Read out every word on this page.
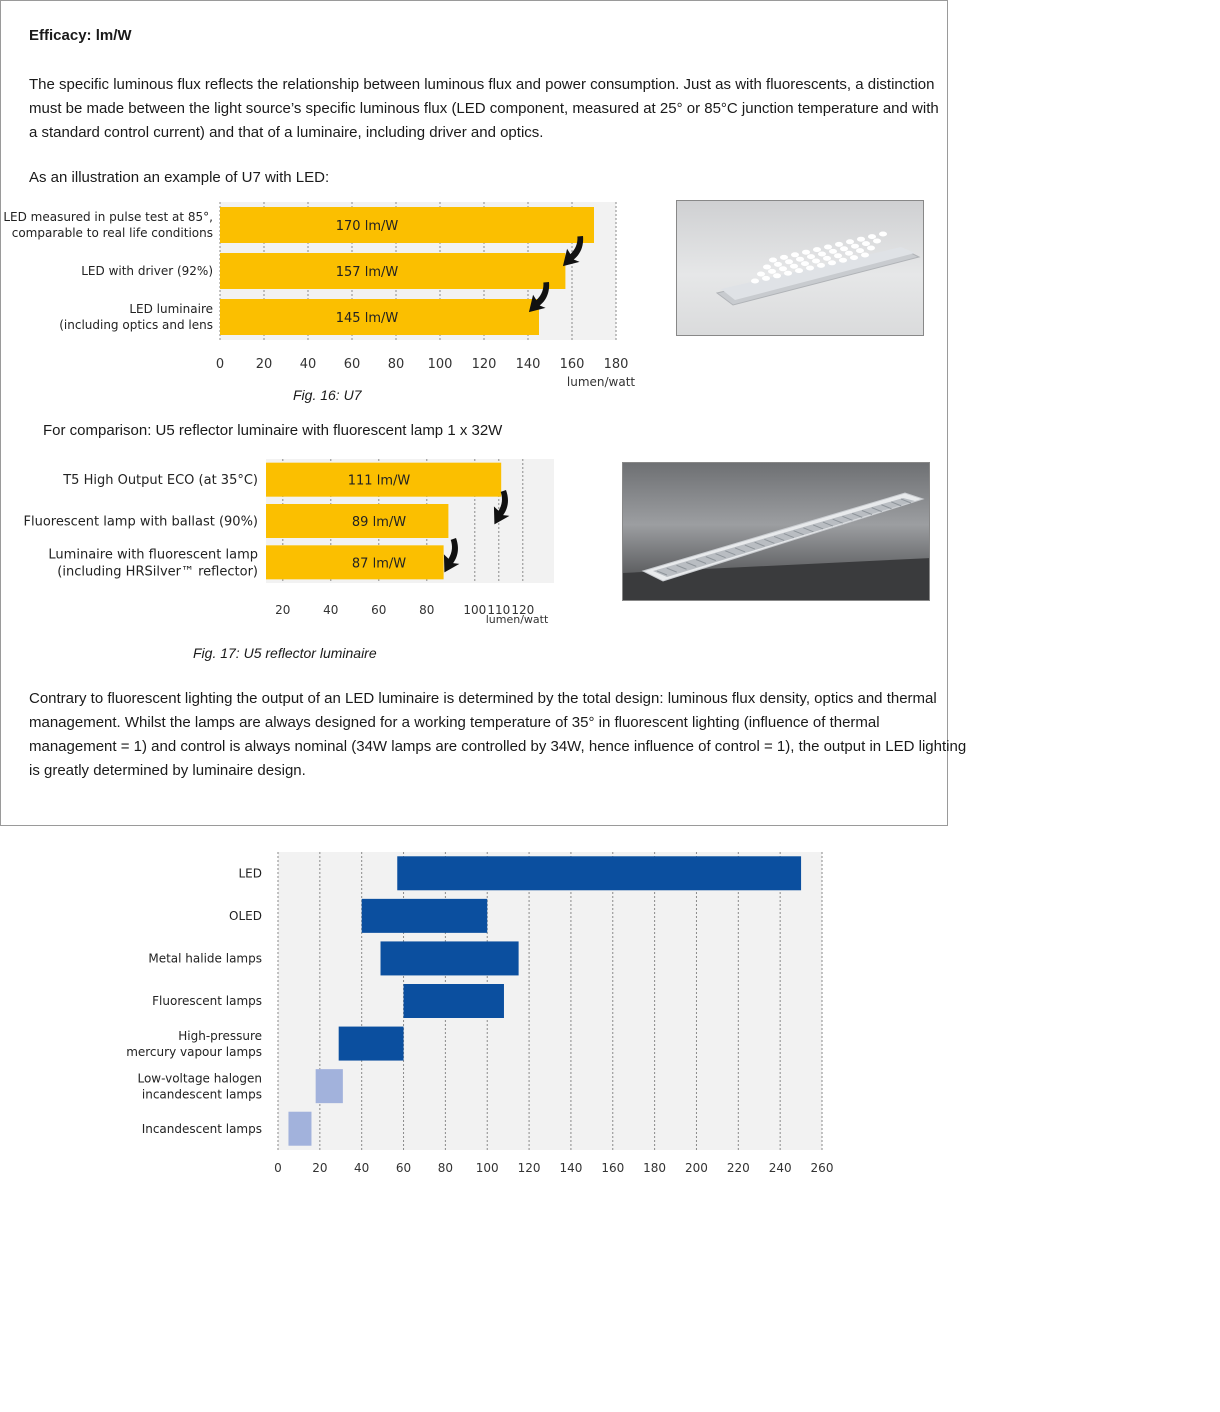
Efficacy: lm/W
The specific luminous flux reflects the relationship between luminous flux and power consumption. Just as with fluorescents, a distinction must be made between the light source’s specific luminous flux (LED component, measured at 25° or 85°C junction temperature and with a standard control current) and that of a luminaire, including driver and optics.
As an illustration an example of U7 with LED:
0 20 40 60 80 100 120 140 160 180
170 lm/W
LED measured in pulse test at 85°,
comparable to real life conditions
157 lm/W
LED with driver (92%)
145 lm/W
LED luminaire
(including optics and lens
lumen/watt
Fig. 16: U7
For comparison: U5 reflector luminaire with fluorescent lamp 1 x 32W
20	40	60	80 100 110 120
111 lm/W
T5 High Output ECO (at 35°C)
89 lm/W
Fluorescent lamp with ballast (90%)
87 lm/W
Luminaire with fluorescent lamp
(including HRSilver™ reflector)
lumen/watt
Fig. 17: U5 reflector luminaire
Contrary to fluorescent lighting the output of an LED luminaire is determined by the total design: luminous flux density, optics and thermal management. Whilst the lamps are always designed for a working temperature of 35° in fluorescent lighting (influence of thermal management = 1) and control is always nominal (34W lamps are controlled by 34W, hence influence of control = 1), the output in LED lighting is greatly determined by luminaire design.
0	20 40 60 80 100 120 140 160 180 200 220 240 260
LED
OLED
Metal halide lamps
Fluorescent lamps
High-pressure
mercury vapour lamps
Low-voltage halogen
incandescent lamps
Incandescent lamps
